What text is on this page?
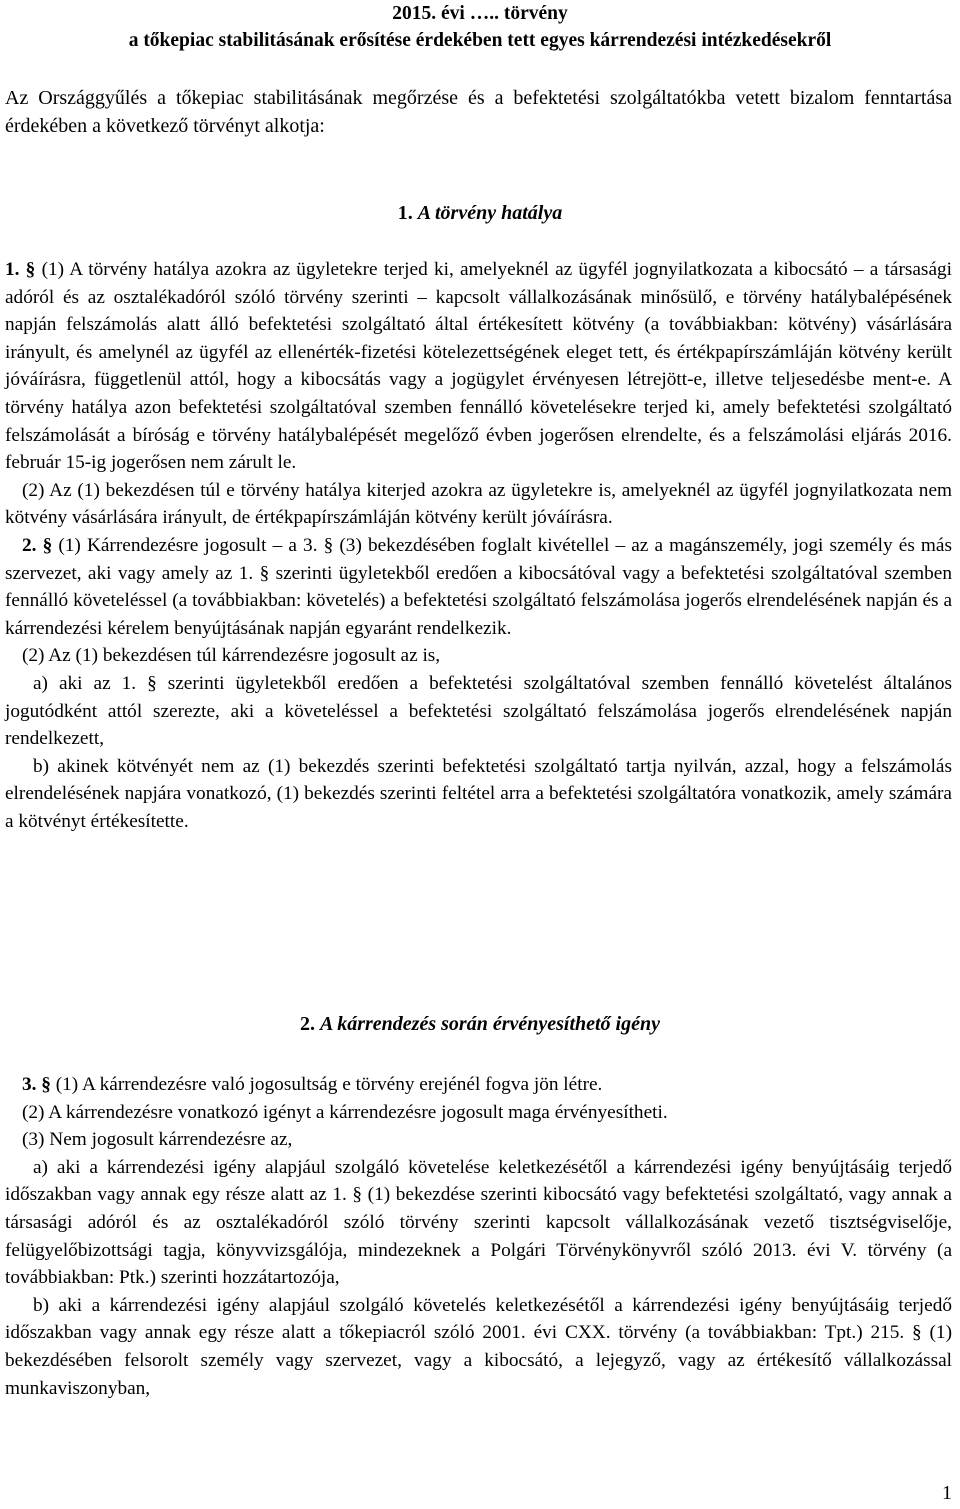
2015. évi ….. törvény
a tőkepiac stabilitásának erősítése érdekében tett egyes kárrendezési intézkedésekről

Az Országgyűlés a tőkepiac stabilitásának megőrzése és a befektetési szolgáltatókba vetett bizalom fenntartása érdekében a következő törvényt alkotja:

1. A törvény hatálya

1. § (1) A törvény hatálya azokra az ügyletekre terjed ki, amelyeknél az ügyfél jognyilatkozata a kibocsátó – a társasági adóról és az osztalékadóról szóló törvény szerinti – kapcsolt vállalkozásának minősülő, e törvény hatálybalépésének napján felszámolás alatt álló befektetési szolgáltató által értékesített kötvény (a továbbiakban: kötvény) vásárlására irányult, és amelynél az ügyfél az ellenérték-fizetési kötelezettségének eleget tett, és értékpapírszámláján kötvény került jóváírásra, függetlenül attól, hogy a kibocsátás vagy a jogügylet érvényesen létrejött-e, illetve teljesedésbe ment-e. A törvény hatálya azon befektetési szolgáltatóval szemben fennálló követelésekre terjed ki, amely befektetési szolgáltató felszámolását a bíróság e törvény hatálybalépését megelőző évben jogerősen elrendelte, és a felszámolási eljárás 2016. február 15-ig jogerősen nem zárult le.

(2) Az (1) bekezdésen túl e törvény hatálya kiterjed azokra az ügyletekre is, amelyeknél az ügyfél jognyilatkozata nem kötvény vásárlására irányult, de értékpapírszámláján kötvény került jóváírásra.

2. § (1) Kárrendezésre jogosult – a 3. § (3) bekezdésében foglalt kivétellel – az a magánszemély, jogi személy és más szervezet, aki vagy amely az 1. § szerinti ügyletekből eredően a kibocsátóval vagy a befektetési szolgáltatóval szemben fennálló követeléssel (a továbbiakban: követelés) a befektetési szolgáltató felszámolása jogerős elrendelésének napján és a kárrendezési kérelem benyújtásának napján egyaránt rendelkezik.

(2) Az (1) bekezdésen túl kárrendezésre jogosult az is,

a) aki az 1. § szerinti ügyletekből eredően a befektetési szolgáltatóval szemben fennálló követelést általános jogutódként attól szerezte, aki a követeléssel a befektetési szolgáltató felszámolása jogerős elrendelésének napján rendelkezett,

b) akinek kötvényét nem az (1) bekezdés szerinti befektetési szolgáltató tartja nyilván, azzal, hogy a felszámolás elrendelésének napjára vonatkozó, (1) bekezdés szerinti feltétel arra a befektetési szolgáltatóra vonatkozik, amely számára a kötvényt értékesítette.

2. A kárrendezés során érvényesíthető igény

3. § (1) A kárrendezésre való jogosultság e törvény erejénél fogva jön létre.

(2) A kárrendezésre vonatkozó igényt a kárrendezésre jogosult maga érvényesítheti.

(3) Nem jogosult kárrendezésre az,

a) aki a kárrendezési igény alapjául szolgáló követelése keletkezésétől a kárrendezési igény benyújtásáig terjedő időszakban vagy annak egy része alatt az 1. § (1) bekezdése szerinti kibocsátó vagy befektetési szolgáltató, vagy annak a társasági adóról és az osztalékadóról szóló törvény szerinti kapcsolt vállalkozásának vezető tisztségviselője, felügyelőbizottsági tagja, könyvvizsgálója, mindezeknek a Polgári Törvénykönyvről szóló 2013. évi V. törvény (a továbbiakban: Ptk.) szerinti hozzátartozója,

b) aki a kárrendezési igény alapjául szolgáló követelés keletkezésétől a kárrendezési igény benyújtásáig terjedő időszakban vagy annak egy része alatt a tőkepiacról szóló 2001. évi CXX. törvény (a továbbiakban: Tpt.) 215. § (1) bekezdésében felsorolt személy vagy szervezet, vagy a kibocsátó, a lejegyző, vagy az értékesítő vállalkozással munkaviszonyban,

1
